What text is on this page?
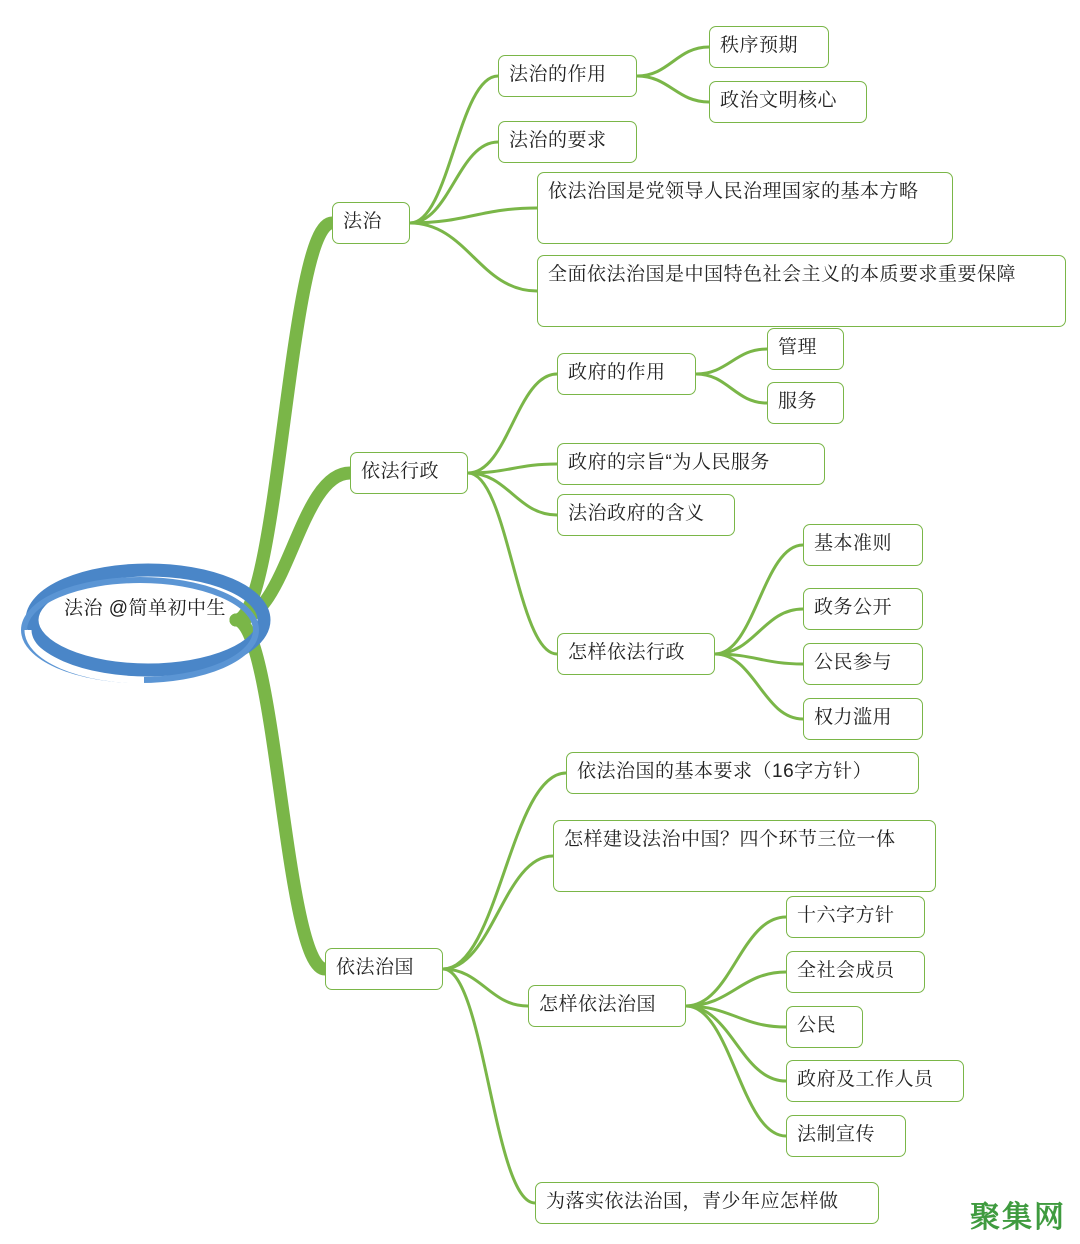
法治 @简单初中生
聚集网
法治
法治的作用
秩序预期
政治文明核心
法治的要求
依法治国是党领导人民治理国家的基本方略
全面依法治国是中国特色社会主义的本质要求重要保障
依法行政
政府的作用
管理
服务
政府的宗旨“为人民服务
法治政府的含义
怎样依法行政
基本准则
政务公开
公民参与
权力滥用
依法治国
依法治国的基本要求（16字方针）
怎样建设法治中国？四个环节三位一体
怎样依法治国
十六字方针
全社会成员
公民
政府及工作人员
法制宣传
为落实依法治国，青少年应怎样做
